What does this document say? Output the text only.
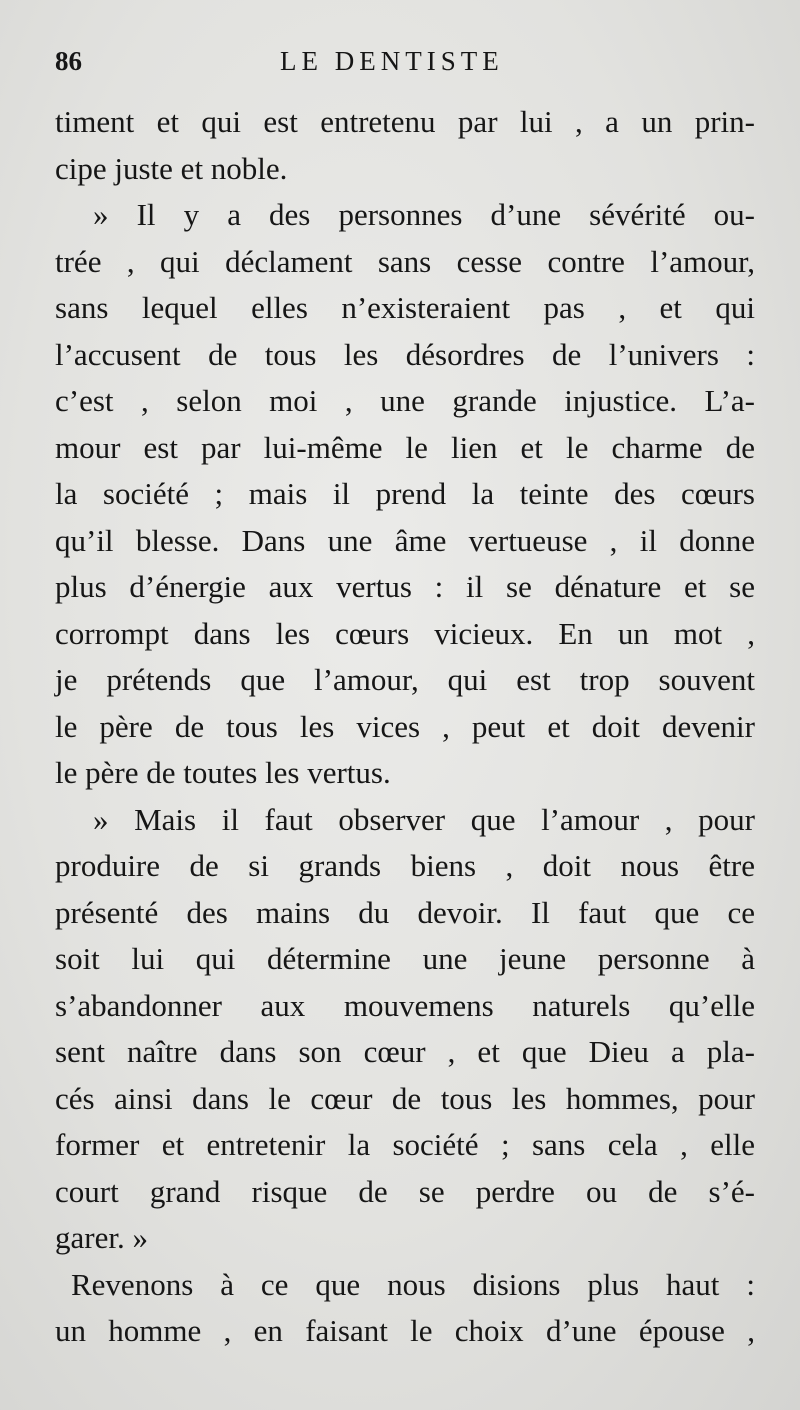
86	LE DENTISTE
timent et qui est entretenu par lui , a un prin-
cipe juste et noble.
» Il y a des personnes d’une sévérité ou-
trée , qui déclament sans cesse contre l’amour,
sans lequel elles n’existeraient pas , et qui
l’accusent de tous les désordres de l’univers :
c’est , selon moi , une grande injustice. L’a-
mour est par lui-même le lien et le charme de
la société ; mais il prend la teinte des cœurs
qu’il blesse. Dans une âme vertueuse , il donne
plus d’énergie aux vertus : il se dénature et se
corrompt dans les cœurs vicieux. En un mot ,
je prétends que l’amour, qui est trop souvent
le père de tous les vices , peut et doit devenir
le père de toutes les vertus.
» Mais il faut observer que l’amour , pour
produire de si grands biens , doit nous être
présenté des mains du devoir. Il faut que ce
soit lui qui détermine une jeune personne à
s’abandonner aux mouvemens naturels qu’elle
sent naître dans son cœur , et que Dieu a pla-
cés ainsi dans le cœur de tous les hommes, pour
former et entretenir la société ; sans cela , elle
court grand risque de se perdre ou de s’é-
garer. »
Revenons à ce que nous disions plus haut :
un homme , en faisant le choix d’une épouse ,
